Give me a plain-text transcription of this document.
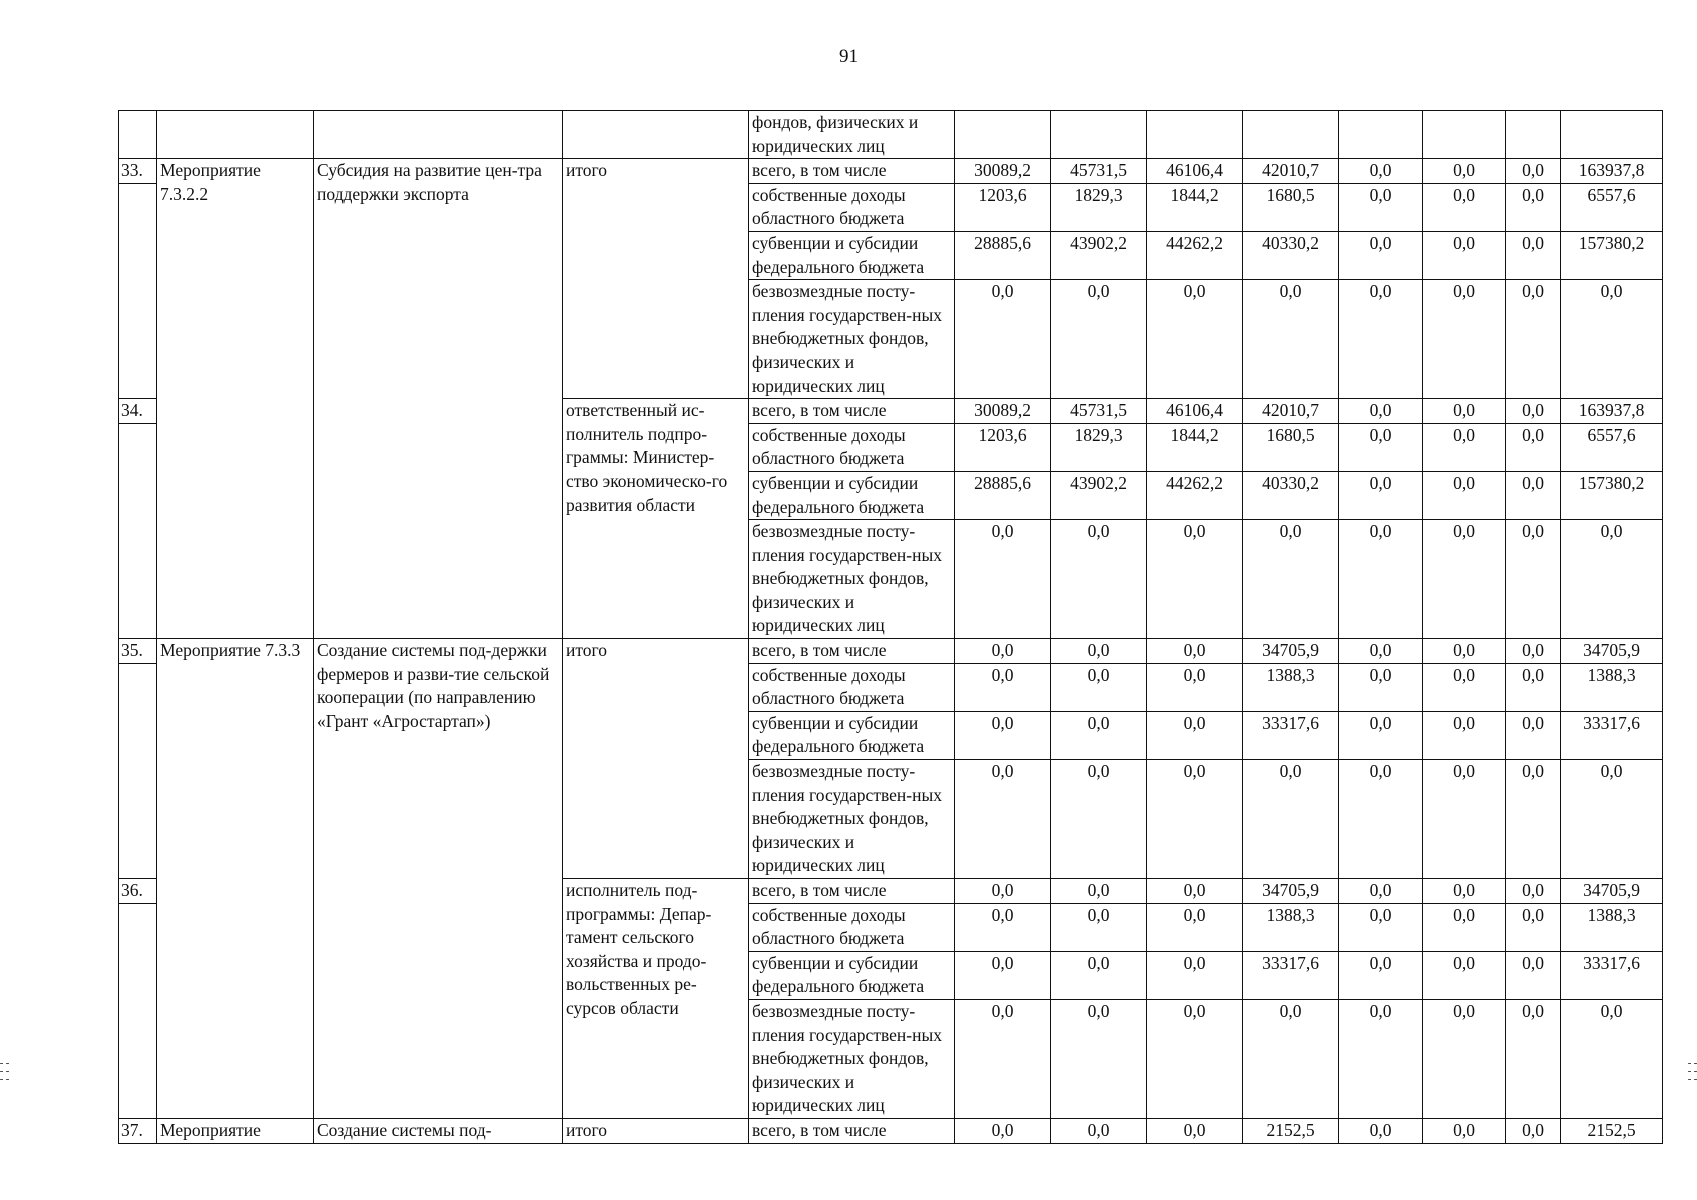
91
				фондов, физических и юридических лиц								
33.	Мероприятие 7.3.2.2	Субсидия на развитие цен-тра поддержки экспорта	итого	всего, в том числе	30089,2	45731,5	46106,4	42010,7	0,0	0,0	0,0	163937,8
				собственные доходы областного бюджета	1203,6	1829,3	1844,2	1680,5	0,0	0,0	0,0	6557,6
				субвенции и субсидии федерального бюджета	28885,6	43902,2	44262,2	40330,2	0,0	0,0	0,0	157380,2
				безвозмездные посту-пления государствен-ных внебюджетных фондов, физических и юридических лиц	0,0	0,0	0,0	0,0	0,0	0,0	0,0	0,0
34.			ответственный ис-полнитель подпро-граммы: Министер-ство экономическо-го развития области	всего, в том числе	30089,2	45731,5	46106,4	42010,7	0,0	0,0	0,0	163937,8
				собственные доходы областного бюджета	1203,6	1829,3	1844,2	1680,5	0,0	0,0	0,0	6557,6
				субвенции и субсидии федерального бюджета	28885,6	43902,2	44262,2	40330,2	0,0	0,0	0,0	157380,2
				безвозмездные посту-пления государствен-ных внебюджетных фондов, физических и юридических лиц	0,0	0,0	0,0	0,0	0,0	0,0	0,0	0,0
35.	Мероприятие 7.3.3	Создание системы под-держки фермеров и разви-тие сельской кооперации (по направлению «Грант «Агростартап»)	итого	всего, в том числе	0,0	0,0	0,0	34705,9	0,0	0,0	0,0	34705,9
				собственные доходы областного бюджета	0,0	0,0	0,0	1388,3	0,0	0,0	0,0	1388,3
				субвенции и субсидии федерального бюджета	0,0	0,0	0,0	33317,6	0,0	0,0	0,0	33317,6
				безвозмездные посту-пления государствен-ных внебюджетных фондов, физических и юридических лиц	0,0	0,0	0,0	0,0	0,0	0,0	0,0	0,0
36.			исполнитель под-программы: Депар-тамент сельского хозяйства и продо-вольственных ре-сурсов области	всего, в том числе	0,0	0,0	0,0	34705,9	0,0	0,0	0,0	34705,9
				собственные доходы областного бюджета	0,0	0,0	0,0	1388,3	0,0	0,0	0,0	1388,3
				субвенции и субсидии федерального бюджета	0,0	0,0	0,0	33317,6	0,0	0,0	0,0	33317,6
				безвозмездные посту-пления государствен-ных внебюджетных фондов, физических и юридических лиц	0,0	0,0	0,0	0,0	0,0	0,0	0,0	0,0
37.	Мероприятие	Создание системы под-	итого	всего, в том числе	0,0	0,0	0,0	2152,5	0,0	0,0	0,0	2152,5
